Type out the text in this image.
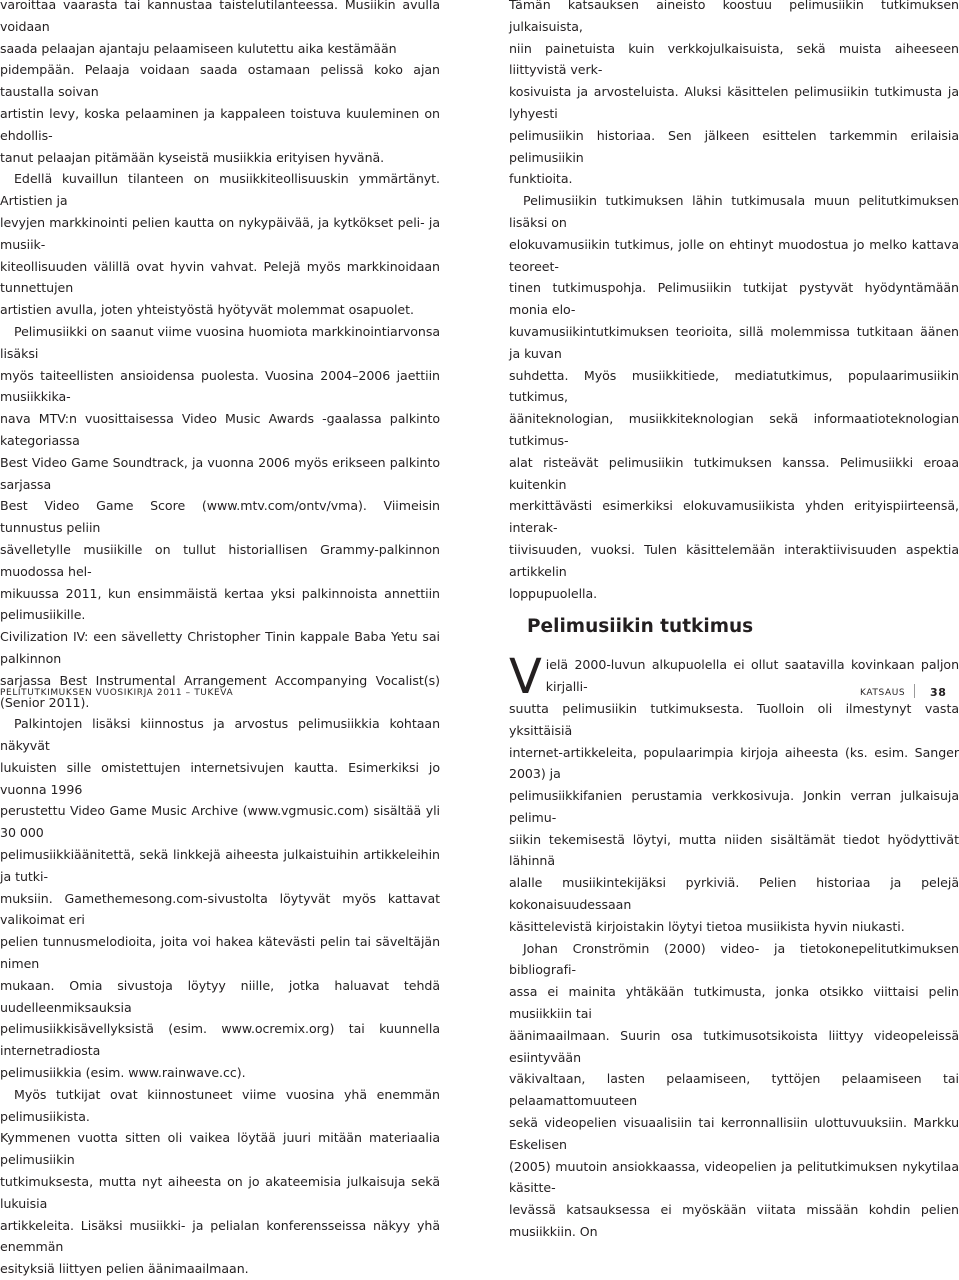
varoittaa vaarasta tai kannustaa taistelutilanteessa. Musiikin avulla voidaan
saada pelaajan ajantaju pelaamiseen kulutettu aika kestämään
pidempään. Pelaaja voidaan saada ostamaan pelissä koko ajan taustalla soivan
artistin levy, koska pelaaminen ja kappaleen toistuva kuuleminen on ehdollis-
tanut pelaajan pitämään kyseistä musiikkia erityisen hyvänä.

Edellä kuvaillun tilanteen on musiikkiteollisuuskin ymmärtänyt. Artistien ja
levyjen markkinointi pelien kautta on nykypäivää, ja kytkökset peli- ja musiik-
kiteollisuuden välillä ovat hyvin vahvat. Pelejä myös markkinoidaan tunnettujen
artistien avulla, joten yhteistyöstä hyötyvät molemmat osapuolet.

Pelimusiikki on saanut viime vuosina huomiota markkinointiarvonsa lisäksi
myös taiteellisten ansioidensa puolesta. Vuosina 2004–2006 jaettiin musiikkika-
nava MTV:n vuosittaisessa Video Music Awards -gaalassa palkinto kategoriassa
Best Video Game Soundtrack, ja vuonna 2006 myös erikseen palkinto sarjassa
Best Video Game Score (www.mtv.com/ontv/vma). Viimeisin tunnustus peliin
sävelletylle musiikille on tullut historiallisen Grammy-palkinnon muodossa hel-
mikuussa 2011, kun ensimmäistä kertaa yksi palkinnoista annettiin pelimusiikille.
Civilization IV: een sävelletty Christopher Tinin kappale Baba Yetu sai palkinnon
sarjassa Best Instrumental Arrangement Accompanying Vocalist(s) (Senior 2011).

Palkintojen lisäksi kiinnostus ja arvostus pelimusiikkia kohtaan näkyvät
lukuisten sille omistettujen internetsivujen kautta. Esimerkiksi jo vuonna 1996
perustettu Video Game Music Archive (www.vgmusic.com) sisältää yli 30 000
pelimusiikkiäänitettä, sekä linkkejä aiheesta julkaistuihin artikkeleihin ja tutki-
muksiin. Gamethemesong.com-sivustolta löytyvät myös kattavat valikoimat eri
pelien tunnusmelodioita, joita voi hakea kätevästi pelin tai säveltäjän nimen
mukaan. Omia sivustoja löytyy niille, jotka haluavat tehdä uudelleenmiksauksia
pelimusiikkisävellyksistä (esim. www.ocremix.org) tai kuunnella internetradiosta
pelimusiikkia (esim. www.rainwave.cc).

Myös tutkijat ovat kiinnostuneet viime vuosina yhä enemmän pelimusiikista.
Kymmenen vuotta sitten oli vaikea löytää juuri mitään materiaalia pelimusiikin
tutkimuksesta, mutta nyt aiheesta on jo akateemisia julkaisuja sekä lukuisia
artikkeleita. Lisäksi musiikki- ja pelialan konferensseissa näkyy yhä enemmän
esityksiä liittyen pelien äänimaailmaan.

Tämän katsauksen aineisto koostuu pelimusiikin tutkimuksen julkaisuista,
niin painetuista kuin verkkojulkaisuista, sekä muista aiheeseen liittyvistä verk-
kosivuista ja arvosteluista. Aluksi käsittelen pelimusiikin tutkimusta ja lyhyesti
pelimusiikin historiaa. Sen jälkeen esittelen tarkemmin erilaisia pelimusiikin
funktioita.

Pelimusiikin tutkimuksen lähin tutkimusala muun pelitutkimuksen lisäksi on
elokuvamusiikin tutkimus, jolle on ehtinyt muodostua jo melko kattava teoreet-
tinen tutkimuspohja. Pelimusiikin tutkijat pystyvät hyödyntämään monia elo-
kuvamusiikintutkimuksen teorioita, sillä molemmissa tutkitaan äänen ja kuvan
suhdetta. Myös musiikkitiede, mediatutkimus, populaarimusiikin tutkimus,
ääniteknologian, musiikkiteknologian sekä informaatioteknologian tutkimus-
alat risteävät pelimusiikin tutkimuksen kanssa. Pelimusiikki eroaa kuitenkin
merkittävästi esimerkiksi elokuvamusiikista yhden erityispiirteensä, interak-
tiivisuuden, vuoksi. Tulen käsittelemään interaktiivisuuden aspektia artikkelin
loppupuolella.

Pelimusiikin tutkimus

Vielä 2000-luvun alkupuolella ei ollut saatavilla kovinkaan paljon kirjalli-
suutta pelimusiikin tutkimuksesta. Tuolloin oli ilmestynyt vasta yksittäisiä
internet-artikkeleita, populaarimpia kirjoja aiheesta (ks. esim. Sanger 2003) ja
pelimusiikkifanien perustamia verkkosivuja. Jonkin verran julkaisuja pelimu-
siikin tekemisestä löytyi, mutta niiden sisältämät tiedot hyödyttivät lähinnä
alalle musiikintekijäksi pyrkiviä. Pelien historiaa ja pelejä kokonaisuudessaan
käsittelevistä kirjoistakin löytyi tietoa musiikista hyvin niukasti.

Johan Cronströmin (2000) video- ja tietokonepelitutkimuksen bibliografi-
assa ei mainita yhtäkään tutkimusta, jonka otsikko viittaisi pelin musiikkiin tai
äänimaailmaan. Suurin osa tutkimusotsikoista liittyy videopeleissä esiintyvään
väkivaltaan, lasten pelaamiseen, tyttöjen pelaamiseen tai pelaamattomuuteen
sekä videopelien visuaalisiin tai kerronnallisiin ulottuvuuksiin. Markku Eskelisen
(2005) muutoin ansiokkaassa, videopelien ja pelitutkimuksen nykytilaa käsitte-
levässä katsauksessa ei myöskään viitata missään kohdin pelien musiikkiin. On

PELITUTKIMUKSEN VUOSIKIRJA 2011 – TUKEVA	KATSAUS 38
